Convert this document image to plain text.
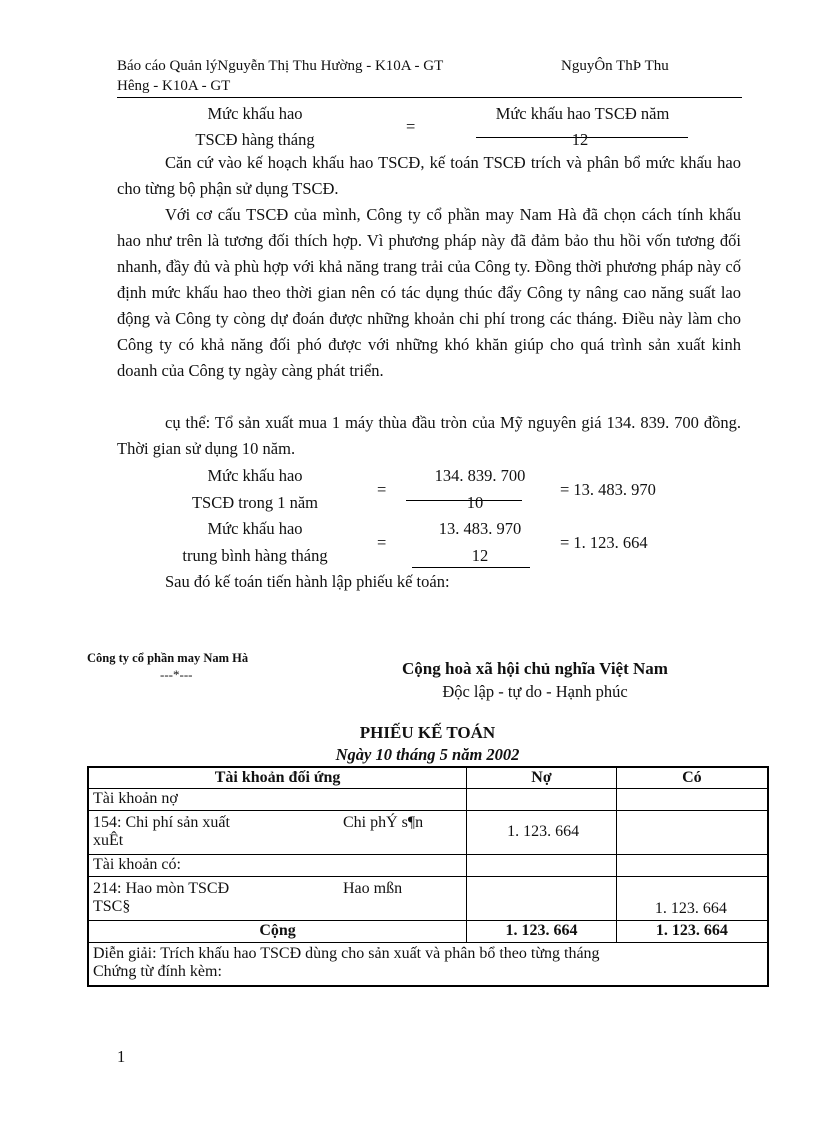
Báo cáo Quản lýNguyễn Thị Thu Hường - K10A - GT	NguyÔn ThÞ Thu
Hêng - K10A - GT
Mức khấu hao
TSCĐ hàng tháng
=
Mức khấu hao TSCĐ năm
12
Căn cứ vào kế hoạch khấu hao TSCĐ, kế toán TSCĐ trích và phân bổ mức khấu hao cho từng bộ phận sử dụng TSCĐ.
Với cơ cấu TSCĐ của mình, Công ty cổ phần may Nam Hà đã chọn cách tính khấu hao như trên là tương đối thích hợp. Vì phương pháp này đã đảm bảo thu hồi vốn tương đối nhanh, đầy đủ và phù hợp với khả năng trang trải của Công ty. Đồng thời phương pháp này cố định mức khấu hao theo thời gian nên có tác dụng thúc đẩy Công ty nâng cao năng suất lao động và Công ty còng dự đoán được những khoản chi phí trong các tháng. Điều này làm cho Công ty có khả năng đối phó được với những khó khăn giúp cho quá trình sản xuất kinh doanh của Công ty ngày càng phát triển.
cụ thể: Tổ sản xuất mua 1 máy thùa đầu tròn của Mỹ nguyên giá 134. 839. 700 đồng. Thời gian sử dụng 10 năm.
Mức khấu hao
TSCĐ trong 1 năm
=
134. 839. 700
10
= 13. 483. 970
Mức khấu hao
trung bình hàng tháng
=
13. 483. 970
12
= 1. 123. 664
Sau đó kế toán tiến hành lập phiếu kế toán:
Công ty cổ phần may Nam Hà
---*---	Cộng hoà xã hội chủ nghĩa Việt Nam
Độc lập - tự do - Hạnh phúc
PHIẾU KẾ TOÁN
Ngày 10 tháng 5 năm 2002
Tài khoản đối ứng	Nợ	Có
Tài khoản nợ		

154: Chi phí sản xuất Chi phÝ s¶n
xuÊt	1. 123. 664	
Tài khoản có:		

214: Hao mòn TSCĐ Hao mßn
TSC§		1. 123. 664
Cộng	1. 123. 664	1. 123. 664

Diễn giải: Trích khấu hao TSCĐ dùng cho sản xuất và phân bổ theo từng tháng
Chứng từ đính kèm:		
1
